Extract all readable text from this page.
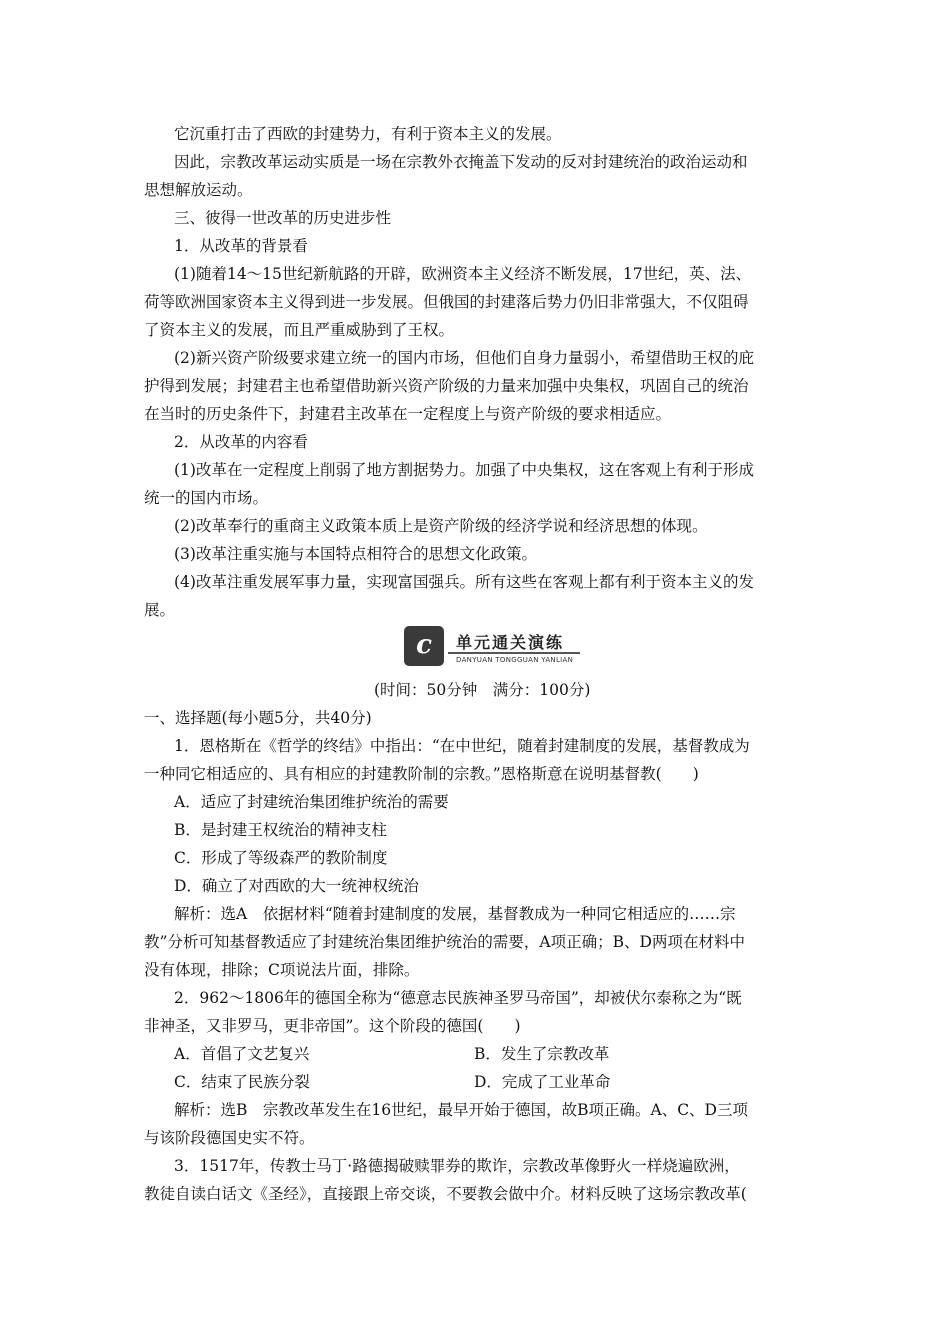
它沉重打击了西欧的封建势力，有利于资本主义的发展。
因此，宗教改革运动实质是一场在宗教外衣掩盖下发动的反对封建统治的政治运动和
思想解放运动。
三、彼得一世改革的历史进步性
1．从改革的背景看
(1)随着14～15世纪新航路的开辟，欧洲资本主义经济不断发展，17世纪，英、法、
荷等欧洲国家资本主义得到进一步发展。但俄国的封建落后势力仍旧非常强大，不仅阻碍
了资本主义的发展，而且严重威胁到了王权。
(2)新兴资产阶级要求建立统一的国内市场，但他们自身力量弱小，希望借助王权的庇
护得到发展；封建君主也希望借助新兴资产阶级的力量来加强中央集权，巩固自己的统治
在当时的历史条件下，封建君主改革在一定程度上与资产阶级的要求相适应。
2．从改革的内容看
(1)改革在一定程度上削弱了地方割据势力。加强了中央集权，这在客观上有利于形成
统一的国内市场。
(2)改革奉行的重商主义政策本质上是资产阶级的经济学说和经济思想的体现。
(3)改革注重实施与本国特点相符合的思想文化政策。
(4)改革注重发展军事力量，实现富国强兵。所有这些在客观上都有利于资本主义的发
展。
c	单元通关演练
DANYUAN TONGGUAN YANLIAN
(时间：50分钟　满分：100分)
一、选择题(每小题5分，共40分)
1．恩格斯在《哲学的终结》中指出：“在中世纪，随着封建制度的发展，基督教成为
一种同它相适应的、具有相应的封建教阶制的宗教。”恩格斯意在说明基督教(　　)
A．适应了封建统治集团维护统治的需要
B．是封建王权统治的精神支柱
C．形成了等级森严的教阶制度
D．确立了对西欧的大一统神权统治
解析：选A　依据材料“随着封建制度的发展，基督教成为一种同它相适应的……宗
教”分析可知基督教适应了封建统治集团维护统治的需要，A项正确；B、D两项在材料中
没有体现，排除；C项说法片面，排除。
2．962～1806年的德国全称为“德意志民族神圣罗马帝国”，却被伏尔泰称之为“既
非神圣，又非罗马，更非帝国”。这个阶段的德国(　　)
A．首倡了文艺复兴	B．发生了宗教改革
C．结束了民族分裂	D．完成了工业革命
解析：选B　宗教改革发生在16世纪，最早开始于德国，故B项正确。A、C、D三项
与该阶段德国史实不符。
3．1517年，传教士马丁·路德揭破赎罪券的欺诈，宗教改革像野火一样烧遍欧洲，
教徒自读白话文《圣经》，直接跟上帝交谈，不要教会做中介。材料反映了这场宗教改革(
